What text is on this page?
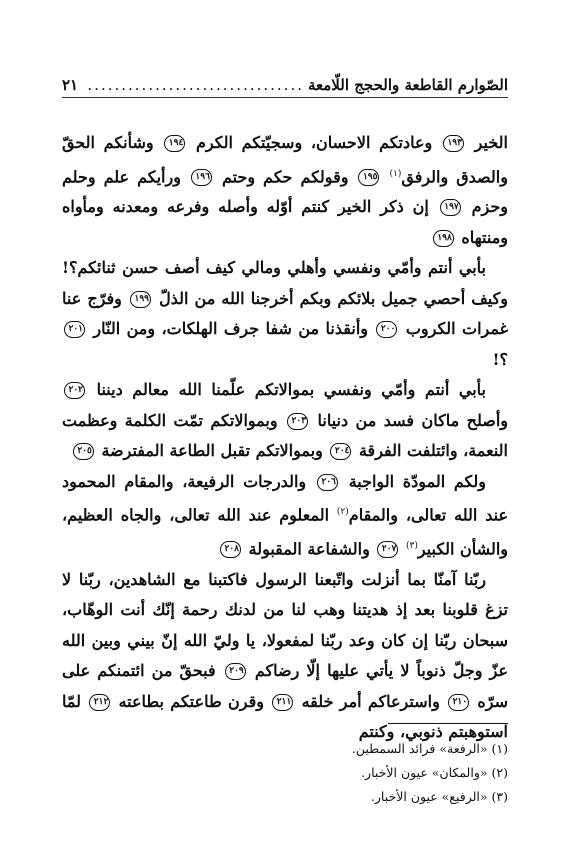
الصّوارم القاطعة والحجج اللّامعة
................................
٢١

الخير ١٩٣ وعادتكم الاحسان، وسجيّتكم الكرم ١٩٤ وشأنكم الحقّ والصدق والرفق$^{(١)}$ ١٩٥ وقولكم حكم وحتم ١٩٦ ورأيكم علم وحلم وحزم ١٩٧ إن ذكر الخير كنتم أوّله وأصله وفرعه ومعدنه ومأواه ومنتهاه ١٩٨

بأبي أنتم وأمّي ونفسي وأهلي ومالي كيف أصف حسن ثنائكم؟! وكيف أحصي جميل بلائكم وبكم أخرجنا الله من الذلّ ١٩٩ وفرّج عنا غمرات الكروب ٢٠٠ وأنقذنا من شفا جرف الهلكات، ومن النّار ٢٠١ ؟!

بأبي أنتم وأمّي ونفسي بموالاتكم علّمنا الله معالم ديننا ٢٠٢ وأصلح ماكان فسد من دنيانا ٢٠٣ وبموالاتكم تمّت الكلمة وعظمت النعمة، وائتلفت الفرقة ٢٠٤ وبموالاتكم تقبل الطاعة المفترضة ٢٠٥

ولكم المودّة الواجبة ٢٠٦ والدرجات الرفيعة، والمقام المحمود عند الله تعالى، والمقام$^{(٢)}$ المعلوم عند الله تعالى، والجاه العظيم، والشأن الكبير$^{(٣)}$ ٢٠٧ والشفاعة المقبولة ٢٠٨

ربّنا آمنّا بما أنزلت واتّبعنا الرسول فاكتبنا مع الشاهدين، ربّنا لا تزغ قلوبنا بعد إذ هديتنا وهب لنا من لدنك رحمة إنّك أنت الوهّاب، سبحان ربّنا إن كان وعد ربّنا لمفعولا، يا وليّ الله إنّ بيني وبين الله عزّ وجلّ ذنوباً لا يأتي عليها إلّا رضاكم ٢٠٩ فبحقّ من ائتمنكم على سرّه ٢١٠ واسترعاكم أمر خلقه ٢١١ وقرن طاعتكم بطاعته ٢١٢ لمّا استوهبتم ذنوبي، وكنتم

(١) «الرفعة» فرائد السمطين.
(٢) «والمكان» عيون الأخبار.
(٣) «الرفيع» عيون الأخبار.
